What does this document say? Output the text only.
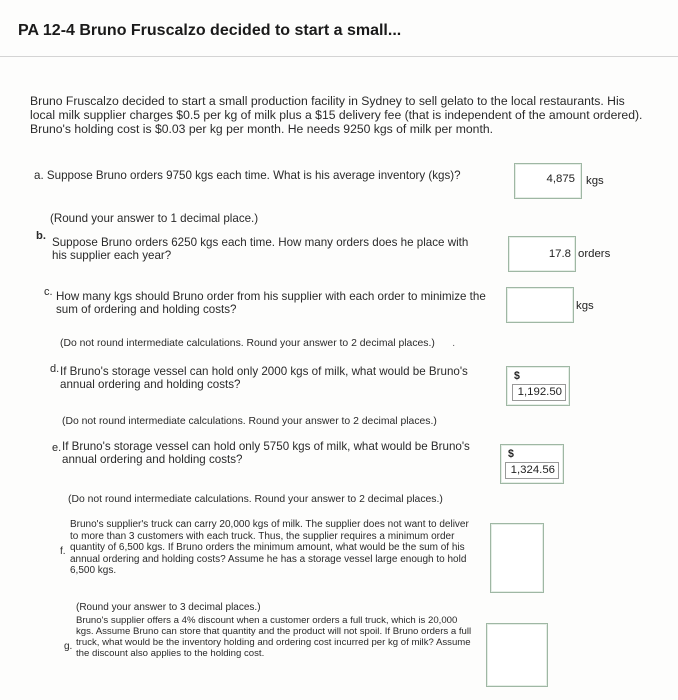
PA 12-4 Bruno Fruscalzo decided to start a small...
Bruno Fruscalzo decided to start a small production facility in Sydney to sell gelato to the local restaurants. His local milk supplier charges $0.5 per kg of milk plus a $15 delivery fee (that is independent of the amount ordered). Bruno's holding cost is $0.03 per kg per month. He needs 9250 kgs of milk per month.
a. Suppose Bruno orders 9750 kgs each time. What is his average inventory (kgs)?	4,875 kgs
(Round your answer to 1 decimal place.)
b. Suppose Bruno orders 6250 kgs each time. How many orders does he place with his supplier each year?	17.8 orders
c. How many kgs should Bruno order from his supplier with each order to minimize the sum of ordering and holding costs?	kgs
(Do not round intermediate calculations. Round your answer to 2 decimal places.)	·
d. If Bruno's storage vessel can hold only 2000 kgs of milk, what would be Bruno's annual ordering and holding costs?
$
1,192.50
(Do not round intermediate calculations. Round your answer to 2 decimal places.)
e. If Bruno's storage vessel can hold only 5750 kgs of milk, what would be Bruno's annual ordering and holding costs?	$
1,324.56
(Do not round intermediate calculations. Round your answer to 2 decimal places.)
f.
Bruno's supplier's truck can carry 20,000 kgs of milk. The supplier does not want to deliver to more than 3 customers with each truck. Thus, the supplier requires a minimum order quantity of 6,500 kgs. If Bruno orders the minimum amount, what would be the sum of his annual ordering and holding costs? Assume he has a storage vessel large enough to hold 6,500 kgs.
(Round your answer to 3 decimal places.)
g.
Bruno's supplier offers a 4% discount when a customer orders a full truck, which is 20,000 kgs. Assume Bruno can store that quantity and the product will not spoil. If Bruno orders a full truck, what would be the inventory holding and ordering cost incurred per kg of milk? Assume the discount also applies to the holding cost.
